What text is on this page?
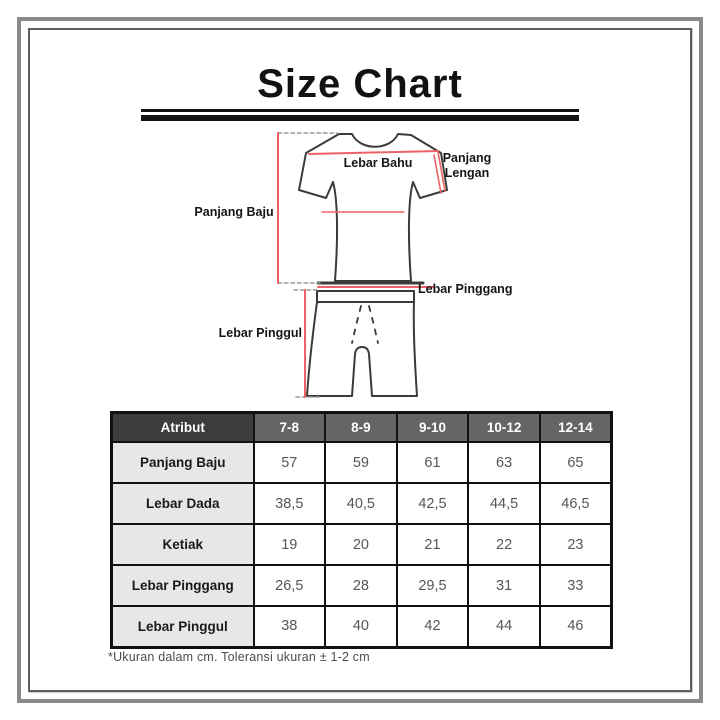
Size Chart
Lebar Bahu	Panjang
Lengan
Panjang Baju
Lebar Pinggang
Lebar Pinggul
Atribut	7-8	8-9	9-10	10-12	12-14
Panjang Baju	57	59	61	63	65
Lebar Dada	38,5	40,5	42,5	44,5	46,5
Ketiak	19	20	21	22	23
Lebar Pinggang	26,5	28	29,5	31	33
Lebar Pinggul	38	40	42	44	46
*Ukuran dalam cm. Toleransi ukuran ± 1-2 cm
